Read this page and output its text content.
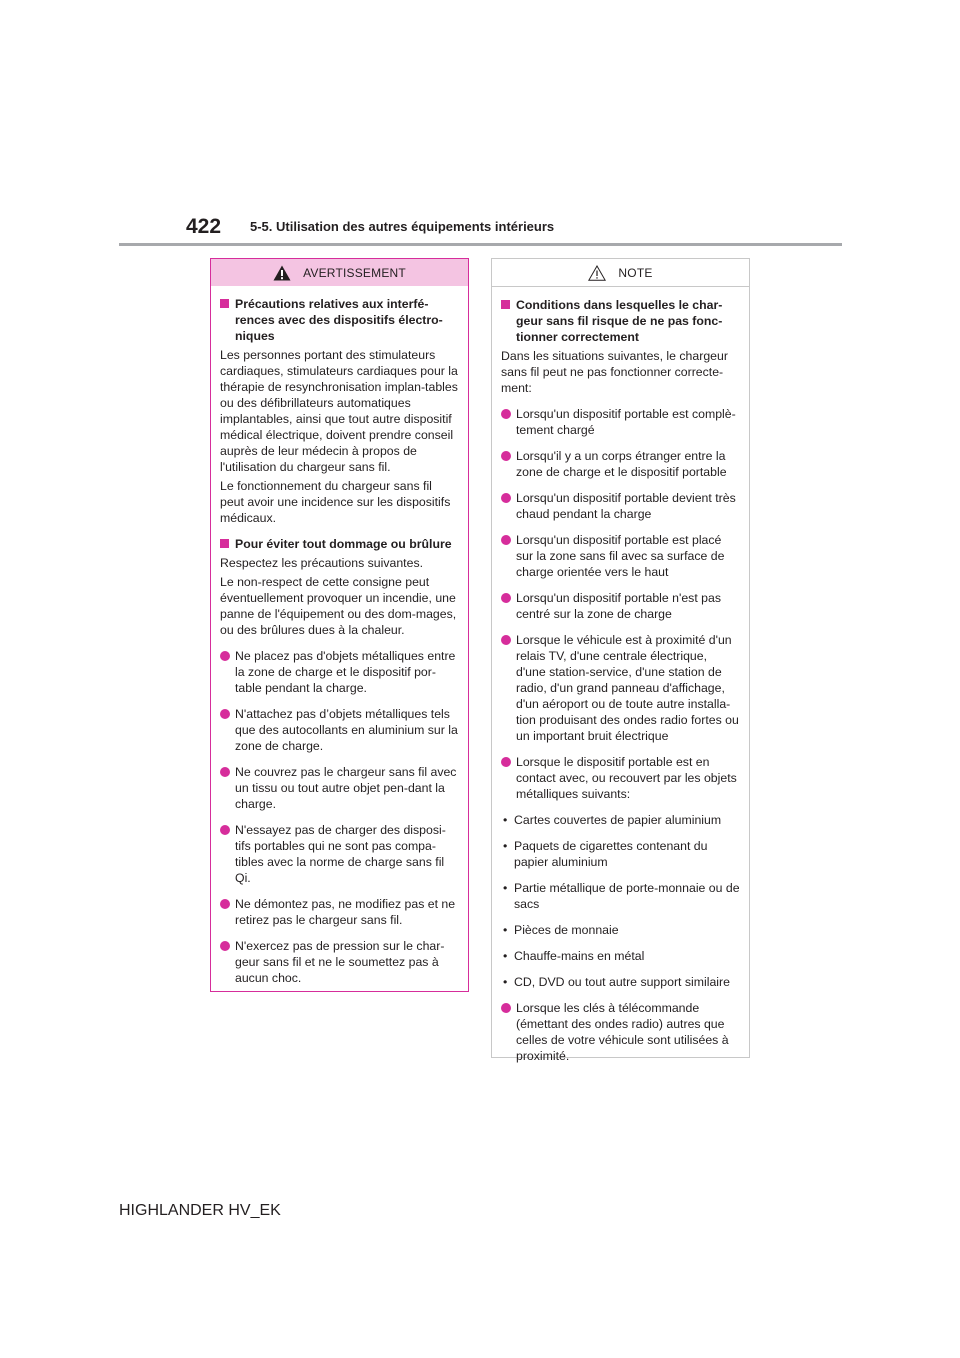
422 5-5. Utilisation des autres équipements intérieurs
AVERTISSEMENT
Précautions relatives aux interfé-rences avec des dispositifs électro-niques
Les personnes portant des stimulateurs cardiaques, stimulateurs cardiaques pour la thérapie de resynchronisation implan-tables ou des défibrillateurs automatiques implantables, ainsi que tout autre dispositif médical électrique, doivent prendre conseil auprès de leur médecin à propos de l'utilisation du chargeur sans fil.
Le fonctionnement du chargeur sans fil peut avoir une incidence sur les dispositifs médicaux.
Pour éviter tout dommage ou brûlure
Respectez les précautions suivantes.
Le non-respect de cette consigne peut éventuellement provoquer un incendie, une panne de l'équipement ou des dom-mages, ou des brûlures dues à la chaleur.
Ne placez pas d'objets métalliques entre la zone de charge et le dispositif por-table pendant la charge.
N'attachez pas d’objets métalliques tels que des autocollants en aluminium sur la zone de charge.
Ne couvrez pas le chargeur sans fil avec un tissu ou tout autre objet pen-dant la charge.
N'essayez pas de charger des disposi-tifs portables qui ne sont pas compa-tibles avec la norme de charge sans fil Qi.
Ne démontez pas, ne modifiez pas et ne retirez pas le chargeur sans fil.
N'exercez pas de pression sur le char-geur sans fil et ne le soumettez pas à aucun choc.
NOTE
Conditions dans lesquelles le char-geur sans fil risque de ne pas fonc-tionner correctement
Dans les situations suivantes, le chargeur sans fil peut ne pas fonctionner correcte-ment:
Lorsqu'un dispositif portable est complè-tement chargé
Lorsqu'il y a un corps étranger entre la zone de charge et le dispositif portable
Lorsqu'un dispositif portable devient très chaud pendant la charge
Lorsqu'un dispositif portable est placé sur la zone sans fil avec sa surface de charge orientée vers le haut
Lorsqu'un dispositif portable n'est pas centré sur la zone de charge
Lorsque le véhicule est à proximité d'un relais TV, d'une centrale électrique, d'une station-service, d'une station de radio, d'un grand panneau d'affichage, d'un aéroport ou de toute autre installa-tion produisant des ondes radio fortes ou un important bruit électrique
Lorsque le dispositif portable est en contact avec, ou recouvert par les objets métalliques suivants:
• Cartes couvertes de papier aluminium
• Paquets de cigarettes contenant du papier aluminium
• Partie métallique de porte-monnaie ou de sacs
• Pièces de monnaie
• Chauffe-mains en métal
• CD, DVD ou tout autre support similaire
Lorsque les clés à télécommande (émettant des ondes radio) autres que celles de votre véhicule sont utilisées à proximité.
HIGHLANDER HV_EK
